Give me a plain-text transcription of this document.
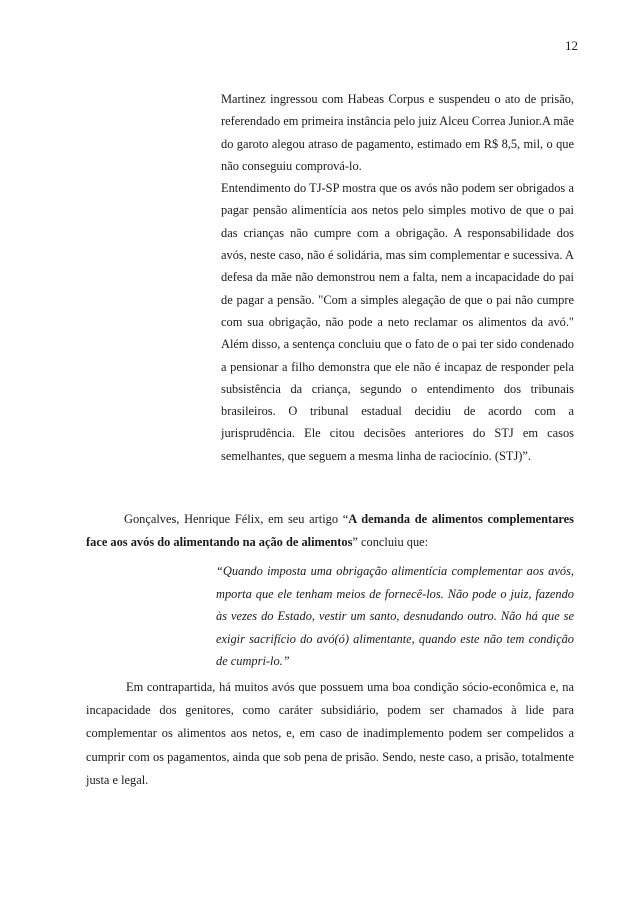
12

Martinez ingressou com Habeas Corpus e suspendeu o ato de prisão, referendado em primeira instância pelo juiz Alceu Correa Junior.A mãe do garoto alegou atraso de pagamento, estimado em R$ 8,5, mil, o que não conseguiu comprová-lo.

Entendimento do TJ-SP mostra que os avós não podem ser obrigados a pagar pensão alimentícia aos netos pelo simples motivo de que o pai das crianças não cumpre com a obrigação. A responsabilidade dos avós, neste caso, não é solidária, mas sim complementar e sucessiva. A defesa da mãe não demonstrou nem a falta, nem a incapacidade do pai de pagar a pensão. "Com a simples alegação de que o pai não cumpre com sua obrigação, não pode a neto reclamar os alimentos da avó." Além disso, a sentença concluiu que o fato de o pai ter sido condenado a pensionar a filho demonstra que ele não é incapaz de responder pela subsistência da criança, segundo o entendimento dos tribunais brasileiros. O tribunal estadual decidiu de acordo com a jurisprudência. Ele citou decisões anteriores do STJ em casos semelhantes, que seguem a mesma linha de raciocínio. (STJ)”.

Gonçalves, Henrique Félix, em seu artigo “A demanda de alimentos complementares face aos avós do alimentando na ação de alimentos” concluiu que:

“Quando imposta uma obrigação alimentícia complementar aos avós, mporta que ele tenham meios de fornecê-los. Não pode o juiz, fazendo às vezes do Estado, vestir um santo, desnudando outro. Não há que se exigir sacrifício do avó(ó) alimentante, quando este não tem condição de cumpri-lo.”

Em contrapartida, há muitos avós que possuem uma boa condição sócio-econômica e, na incapacidade dos genitores, como caráter subsidiário, podem ser chamados à lide para complementar os alimentos aos netos, e, em caso de inadimplemento podem ser compelidos a cumprir com os pagamentos, ainda que sob pena de prisão. Sendo, neste caso, a prisão, totalmente justa e legal.
